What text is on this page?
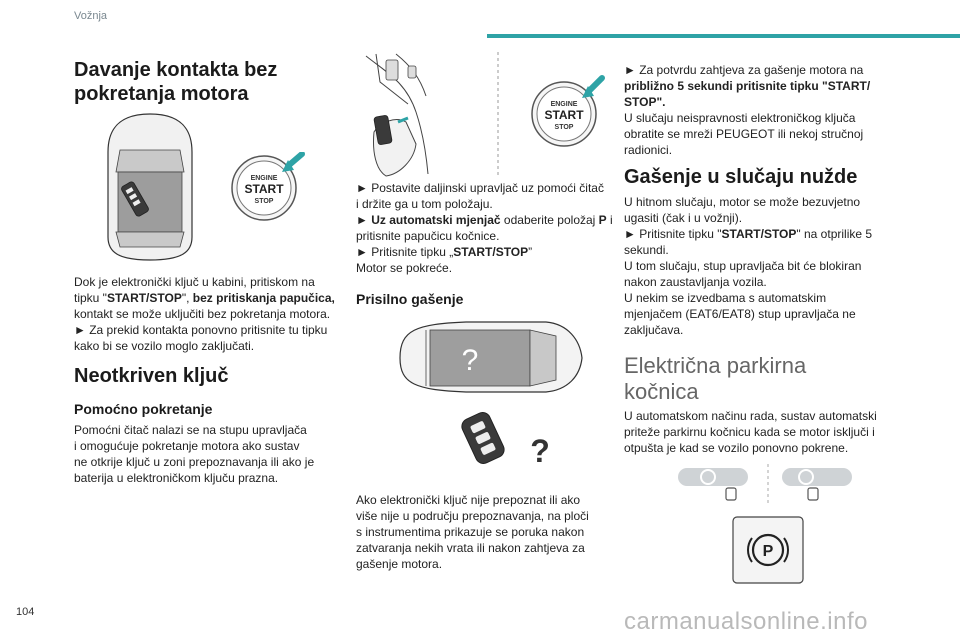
Vožnja
Davanje kontakta bez
pokretanja motora
ENGINE
START
STOP
Dok je elektronički ključ u kabini, pritiskom na
tipku "START/STOP", bez pritiskanja papučica,
kontakt se može uključiti bez pokretanja motora.
► Za prekid kontakta ponovno pritisnite tu tipku
kako bi se vozilo moglo zaključati.
Neotkriven ključ
Pomoćno pokretanje
Pomoćni čitač nalazi se na stupu upravljača
i omogućuje pokretanje motora ako sustav
ne otkrije ključ u zoni prepoznavanja ili ako je
baterija u elektroničkom ključu prazna.
ENGINE
START
STOP
► Postavite daljinski upravljač uz pomoći čitač
i držite ga u tom položaju.
► Uz automatski mjenjač odaberite položaj P i
pritisnite papučicu kočnice.
► Pritisnite tipku „START/STOP”
Motor se pokreće.
Prisilno gašenje
?
?
Ako elektronički ključ nije prepoznat ili ako
više nije u području prepoznavanja, na ploči
s instrumentima prikazuje se poruka nakon
zatvaranja nekih vrata ili nakon zahtjeva za
gašenje motora.
► Za potvrdu zahtjeva za gašenje motora na
približno 5 sekundi pritisnite tipku "START/
STOP".
U slučaju neispravnosti elektroničkog ključa
obratite se mreži PEUGEOT ili nekoj stručnoj
radionici.
Gašenje u slučaju nužde
U hitnom slučaju, motor se može bezuvjetno
ugasiti (čak i u vožnji).
► Pritisnite tipku "START/STOP" na otprilike 5
sekundi.
U tom slučaju, stup upravljača bit će blokiran
nakon zaustavljanja vozila.
U nekim se izvedbama s automatskim
mjenjačem (EAT6/EAT8) stup upravljača ne
zaključava.
Električna parkirna
kočnica
U automatskom načinu rada, sustav automatski
priteže parkirnu kočnicu kada se motor isključi i
otpušta je kad se vozilo ponovno pokrene.
P
104	carmanualsonline.info
